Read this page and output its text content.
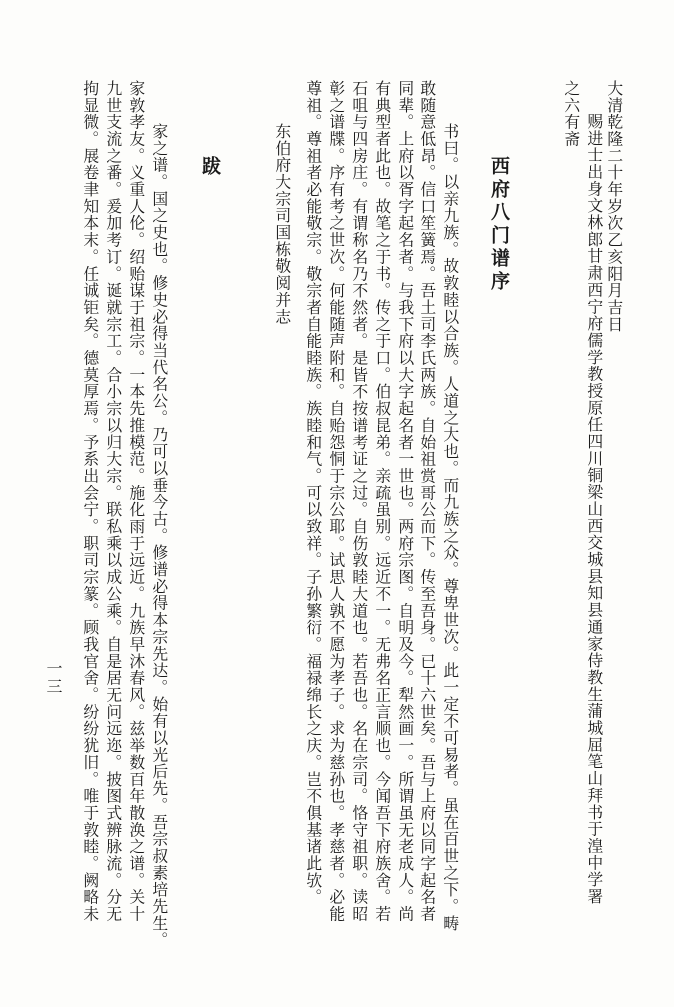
大清乾隆二十年岁次乙亥阳月吉日
赐进士出身文林郎甘肃西宁府儒学教授原任四川铜梁山西交城县知县通家侍教生蒲城屈笔山拜书于湟中学署
之六有斋
西府八门谱序
书曰。以亲九族。故敦睦以合族。人道之大也。而九族之众。尊卑世次。此一定不可易者。虽在百世之下。畴
敢随意低昂。信口笙簧焉。吾土司李氏两族。自始祖赏哥公而下。传至吾身。已十六世矣。吾与上府以同字起名者
同辈。上府以胥字起名者。与我下府以大字起名者一世也。两府宗图。自明及今。犁然画一。所谓虽无老成人。尚
有典型者此也。故笔之于书。传之于口。伯叔昆弟。亲疏虽别。远近不一。无弗名正言顺也。今闻吾下府族舍。若
石咀与四房庄。有谓称名乃不然者。是皆不按谱考证之过。自伤敦睦大道也。若吾也。名在宗司。恪守祖职。读昭
彰之谱牒。序有考之世次。何能随声附和。自贻怨恫于宗公耶。试思人孰不愿为孝子。求为慈孙也。孝慈者。必能
尊祖。尊祖者必能敬宗。敬宗者自能睦族。族睦和气。可以致祥。子孙繁衍。福禄绵长之庆。岂不俱基诸此欤。
东伯府大宗司国栋敬阅并志
跋
家之谱。国之史也。修史必得当代名公。乃可以垂今古。修谱必得本宗先达。始有以光后先。吾宗叔素培先生。
家敦孝友。义重人伦。绍贻谋于祖宗。一本先推模范。施化雨于远近。九族早沐春风。兹举数百年散涣之谱。关十
九世支流之番。爰加考订。诞就宗工。合小宗以归大宗。联私乘以成公乘。自是居无问远迩。披图式辨脉流。分无
拘显微。展卷聿知本末。任诚钜矣。德莫厚焉。予系出会宁。职司宗篆。顾我官舍。纷纷犹旧。唯于敦睦。阙略未
一三
